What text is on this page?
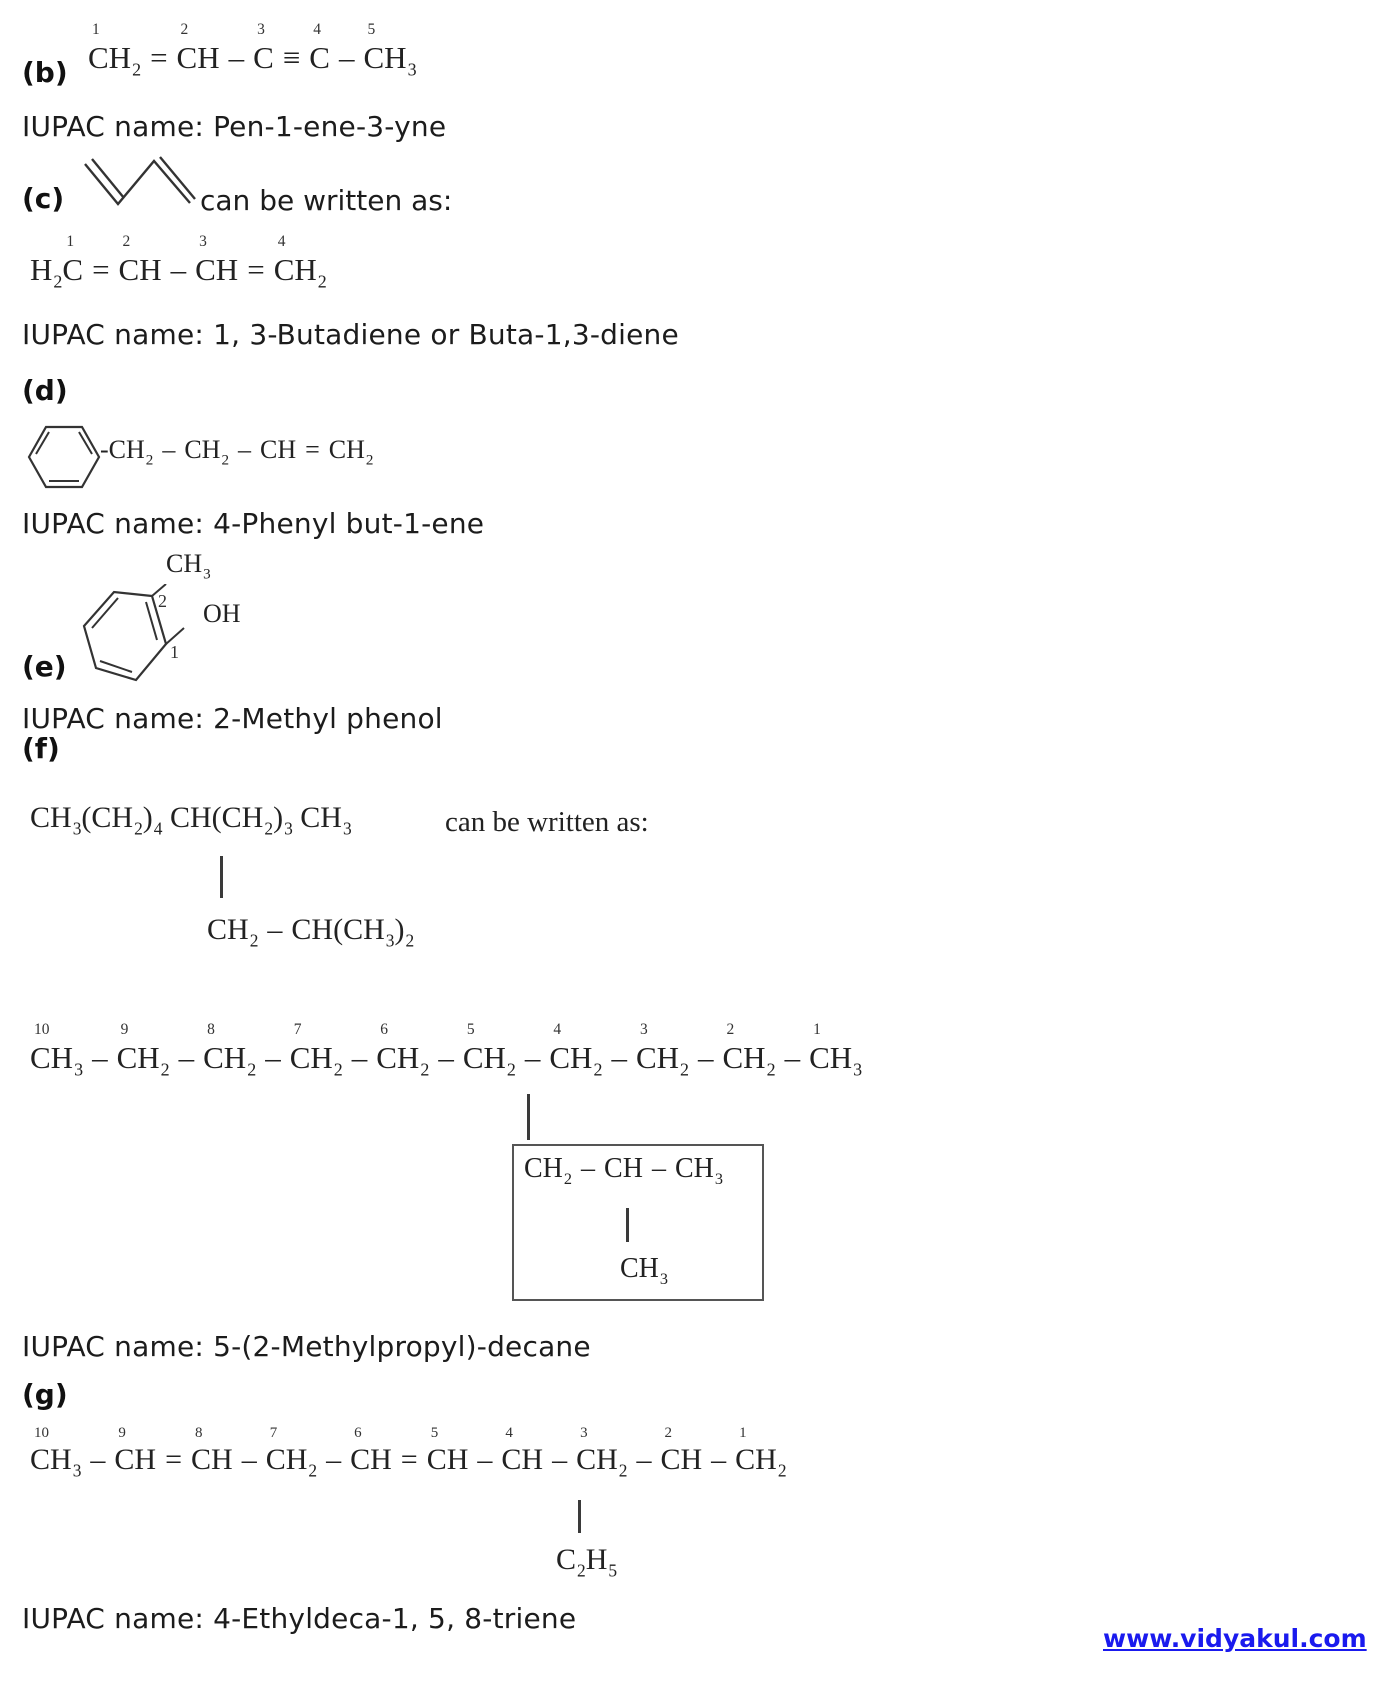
(b)
1
CH2 =
2
CH –
3
C ≡
4
C –
5
CH3
IUPAC name: Pen-1-ene-3-yne
(c)	can be written as:
H2
1
C =
2
CH –
3
CH =
4
CH2
IUPAC name: 1, 3-Butadiene or Buta-1,3-diene
(d)
-CH2 – CH2 – CH = CH2
IUPAC name: 4-Phenyl but-1-ene
CH3
2 OH
1
(e)
IUPAC name: 2-Methyl phenol
(f)
CH3 ( CH2 )4 CH ( CH2 )3 CH3	can be written as:
CH2 – CH ( CH3 )2
10
CH3 –
9
CH2 –
8
CH2 –
7
CH2 –
6
CH2 –
5
CH2 –
4
CH2 –
3
CH2 –
2
CH2 –
1
CH3
CH2 – CH – CH3
CH3
IUPAC name: 5-(2-Methylpropyl)-decane
(g)
10
CH3 –
9
CH =
8
CH –
7
CH2 –
6
CH =
5
CH –
4
CH –
3
CH2 –
2
CH –
1
CH2
C2 H5
IUPAC name: 4-Ethyldeca-1, 5, 8-triene
www.vidyakul.com
